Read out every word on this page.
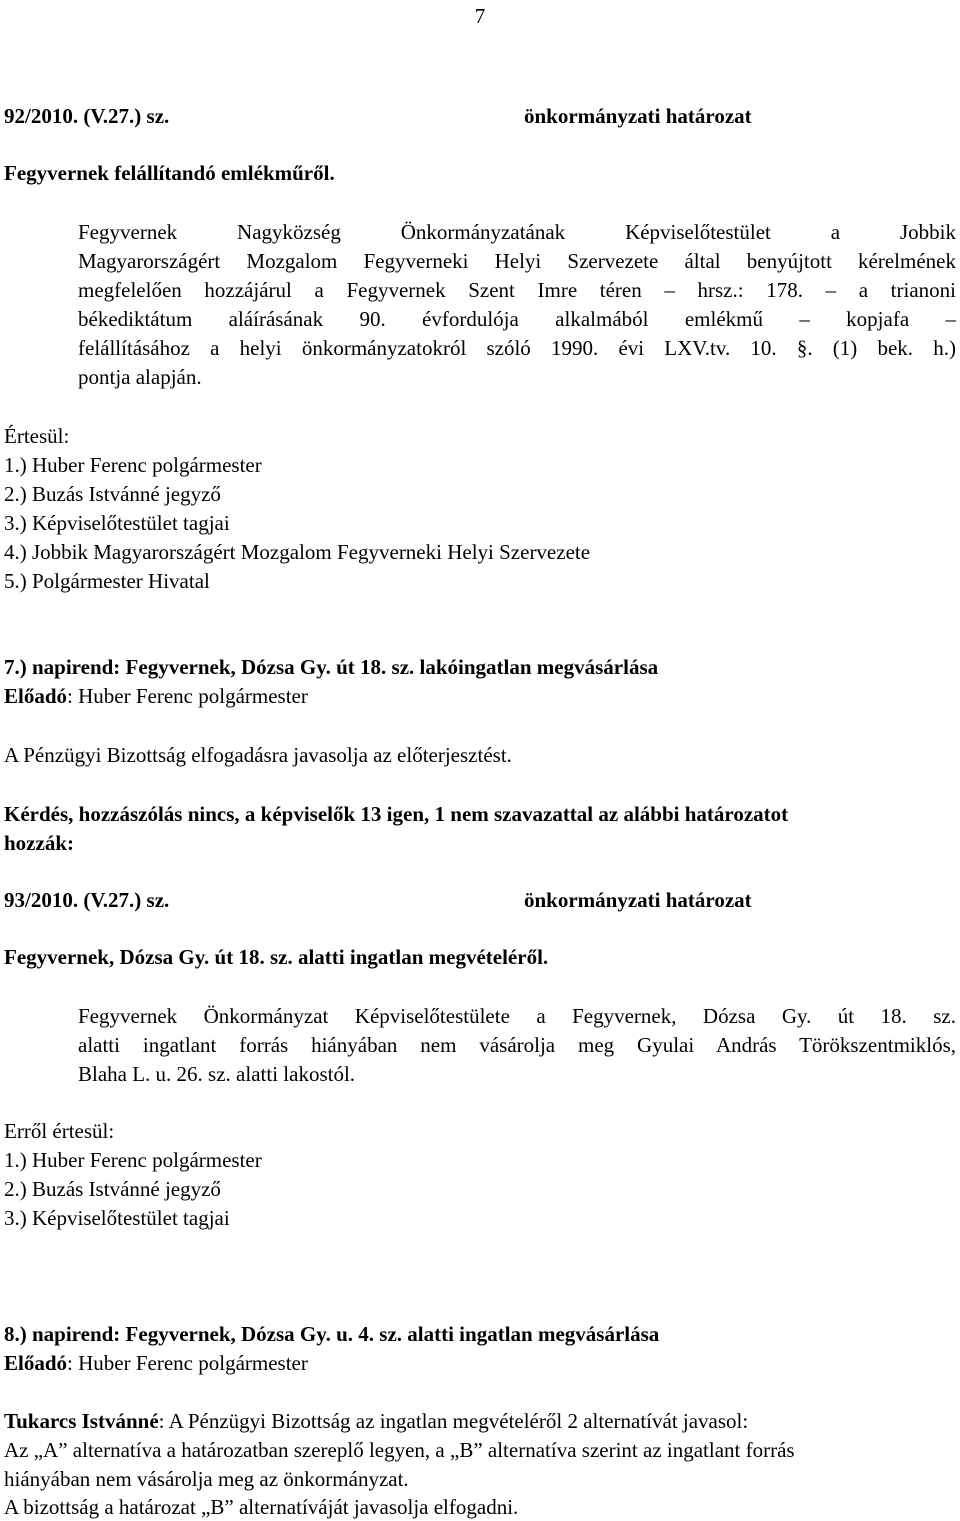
7
92/2010. (V.27.) sz.	önkormányzati határozat
Fegyvernek felállítandó emlékműről.
Fegyvernek Nagyközség Önkormányzatának Képviselőtestület a Jobbik
Magyarországért Mozgalom Fegyverneki Helyi Szervezete által benyújtott kérelmének
megfelelően hozzájárul a Fegyvernek Szent Imre téren – hrsz.: 178. – a trianoni
békediktátum aláírásának 90. évfordulója alkalmából emlékmű – kopjafa –
felállításához a helyi önkormányzatokról szóló 1990. évi LXV.tv. 10. §. (1) bek. h.)
pontja alapján.
Értesül:
1.) Huber Ferenc polgármester
2.) Buzás Istvánné jegyző
3.) Képviselőtestület tagjai
4.) Jobbik Magyarországért Mozgalom Fegyverneki Helyi Szervezete
5.) Polgármester Hivatal
7.) napirend: Fegyvernek, Dózsa Gy. út 18. sz. lakóingatlan megvásárlása
Előadó: Huber Ferenc polgármester
A Pénzügyi Bizottság elfogadásra javasolja az előterjesztést.
Kérdés, hozzászólás nincs, a képviselők 13 igen, 1 nem szavazattal az alábbi határozatot
hozzák:
93/2010. (V.27.) sz.	önkormányzati határozat
Fegyvernek, Dózsa Gy. út 18. sz. alatti ingatlan megvételéről.
Fegyvernek Önkormányzat Képviselőtestülete a Fegyvernek, Dózsa Gy. út 18. sz.
alatti ingatlant forrás hiányában nem vásárolja meg Gyulai András Törökszentmiklós,
Blaha L. u. 26. sz. alatti lakostól.
Erről értesül:
1.) Huber Ferenc polgármester
2.) Buzás Istvánné jegyző
3.) Képviselőtestület tagjai
8.) napirend: Fegyvernek, Dózsa Gy. u. 4. sz. alatti ingatlan megvásárlása
Előadó: Huber Ferenc polgármester
Tukarcs Istvánné: A Pénzügyi Bizottság az ingatlan megvételéről 2 alternatívát javasol:
Az „A” alternatíva a határozatban szereplő legyen, a „B” alternatíva szerint az ingatlant forrás
hiányában nem vásárolja meg az önkormányzat.
A bizottság a határozat „B” alternatíváját javasolja elfogadni.
